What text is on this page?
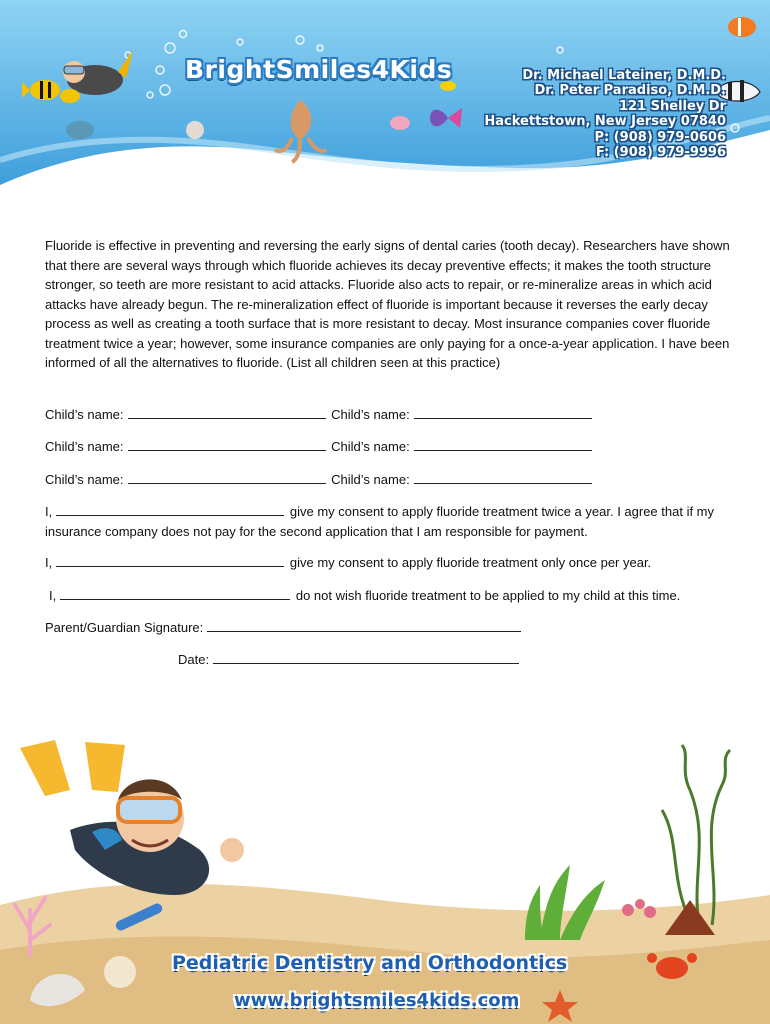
BrightSmiles4Kids	Dr. Michael Lateiner, D.M.D.
Dr. Peter Paradiso, D.M.D.
121 Shelley Dr
Hackettstown, New Jersey 07840
P: (908) 979-0606
F: (908) 979-9996

Fluoride is effective in preventing and reversing the early signs of dental caries (tooth decay). Researchers have shown that there are several ways through which fluoride achieves its decay preventive effects; it makes the tooth structure stronger, so teeth are more resistant to acid attacks. Fluoride also acts to repair, or re-mineralize areas in which acid attacks have already begun. The re-mineralization effect of fluoride is important because it reverses the early decay process as well as creating a tooth surface that is more resistant to decay. Most insurance companies cover fluoride treatment twice a year; however, some insurance companies are only paying for a once-a-year application. I have been informed of all the alternatives to fluoride. (List all children seen at this practice)

Child’s name:	Child’s name:
Child’s name:	Child’s name:
Child’s name:	Child’s name:

I,	give my consent to apply fluoride treatment twice a year. I agree that if my insurance company does not pay for the second application that I am responsible for payment.

I,	give my consent to apply fluoride treatment only once per year.
I,	do not wish fluoride treatment to be applied to my child at this time.
Parent/Guardian Signature:
Date:
Pediatric Dentistry and Orthodontics
www.brightsmiles4kids.com
